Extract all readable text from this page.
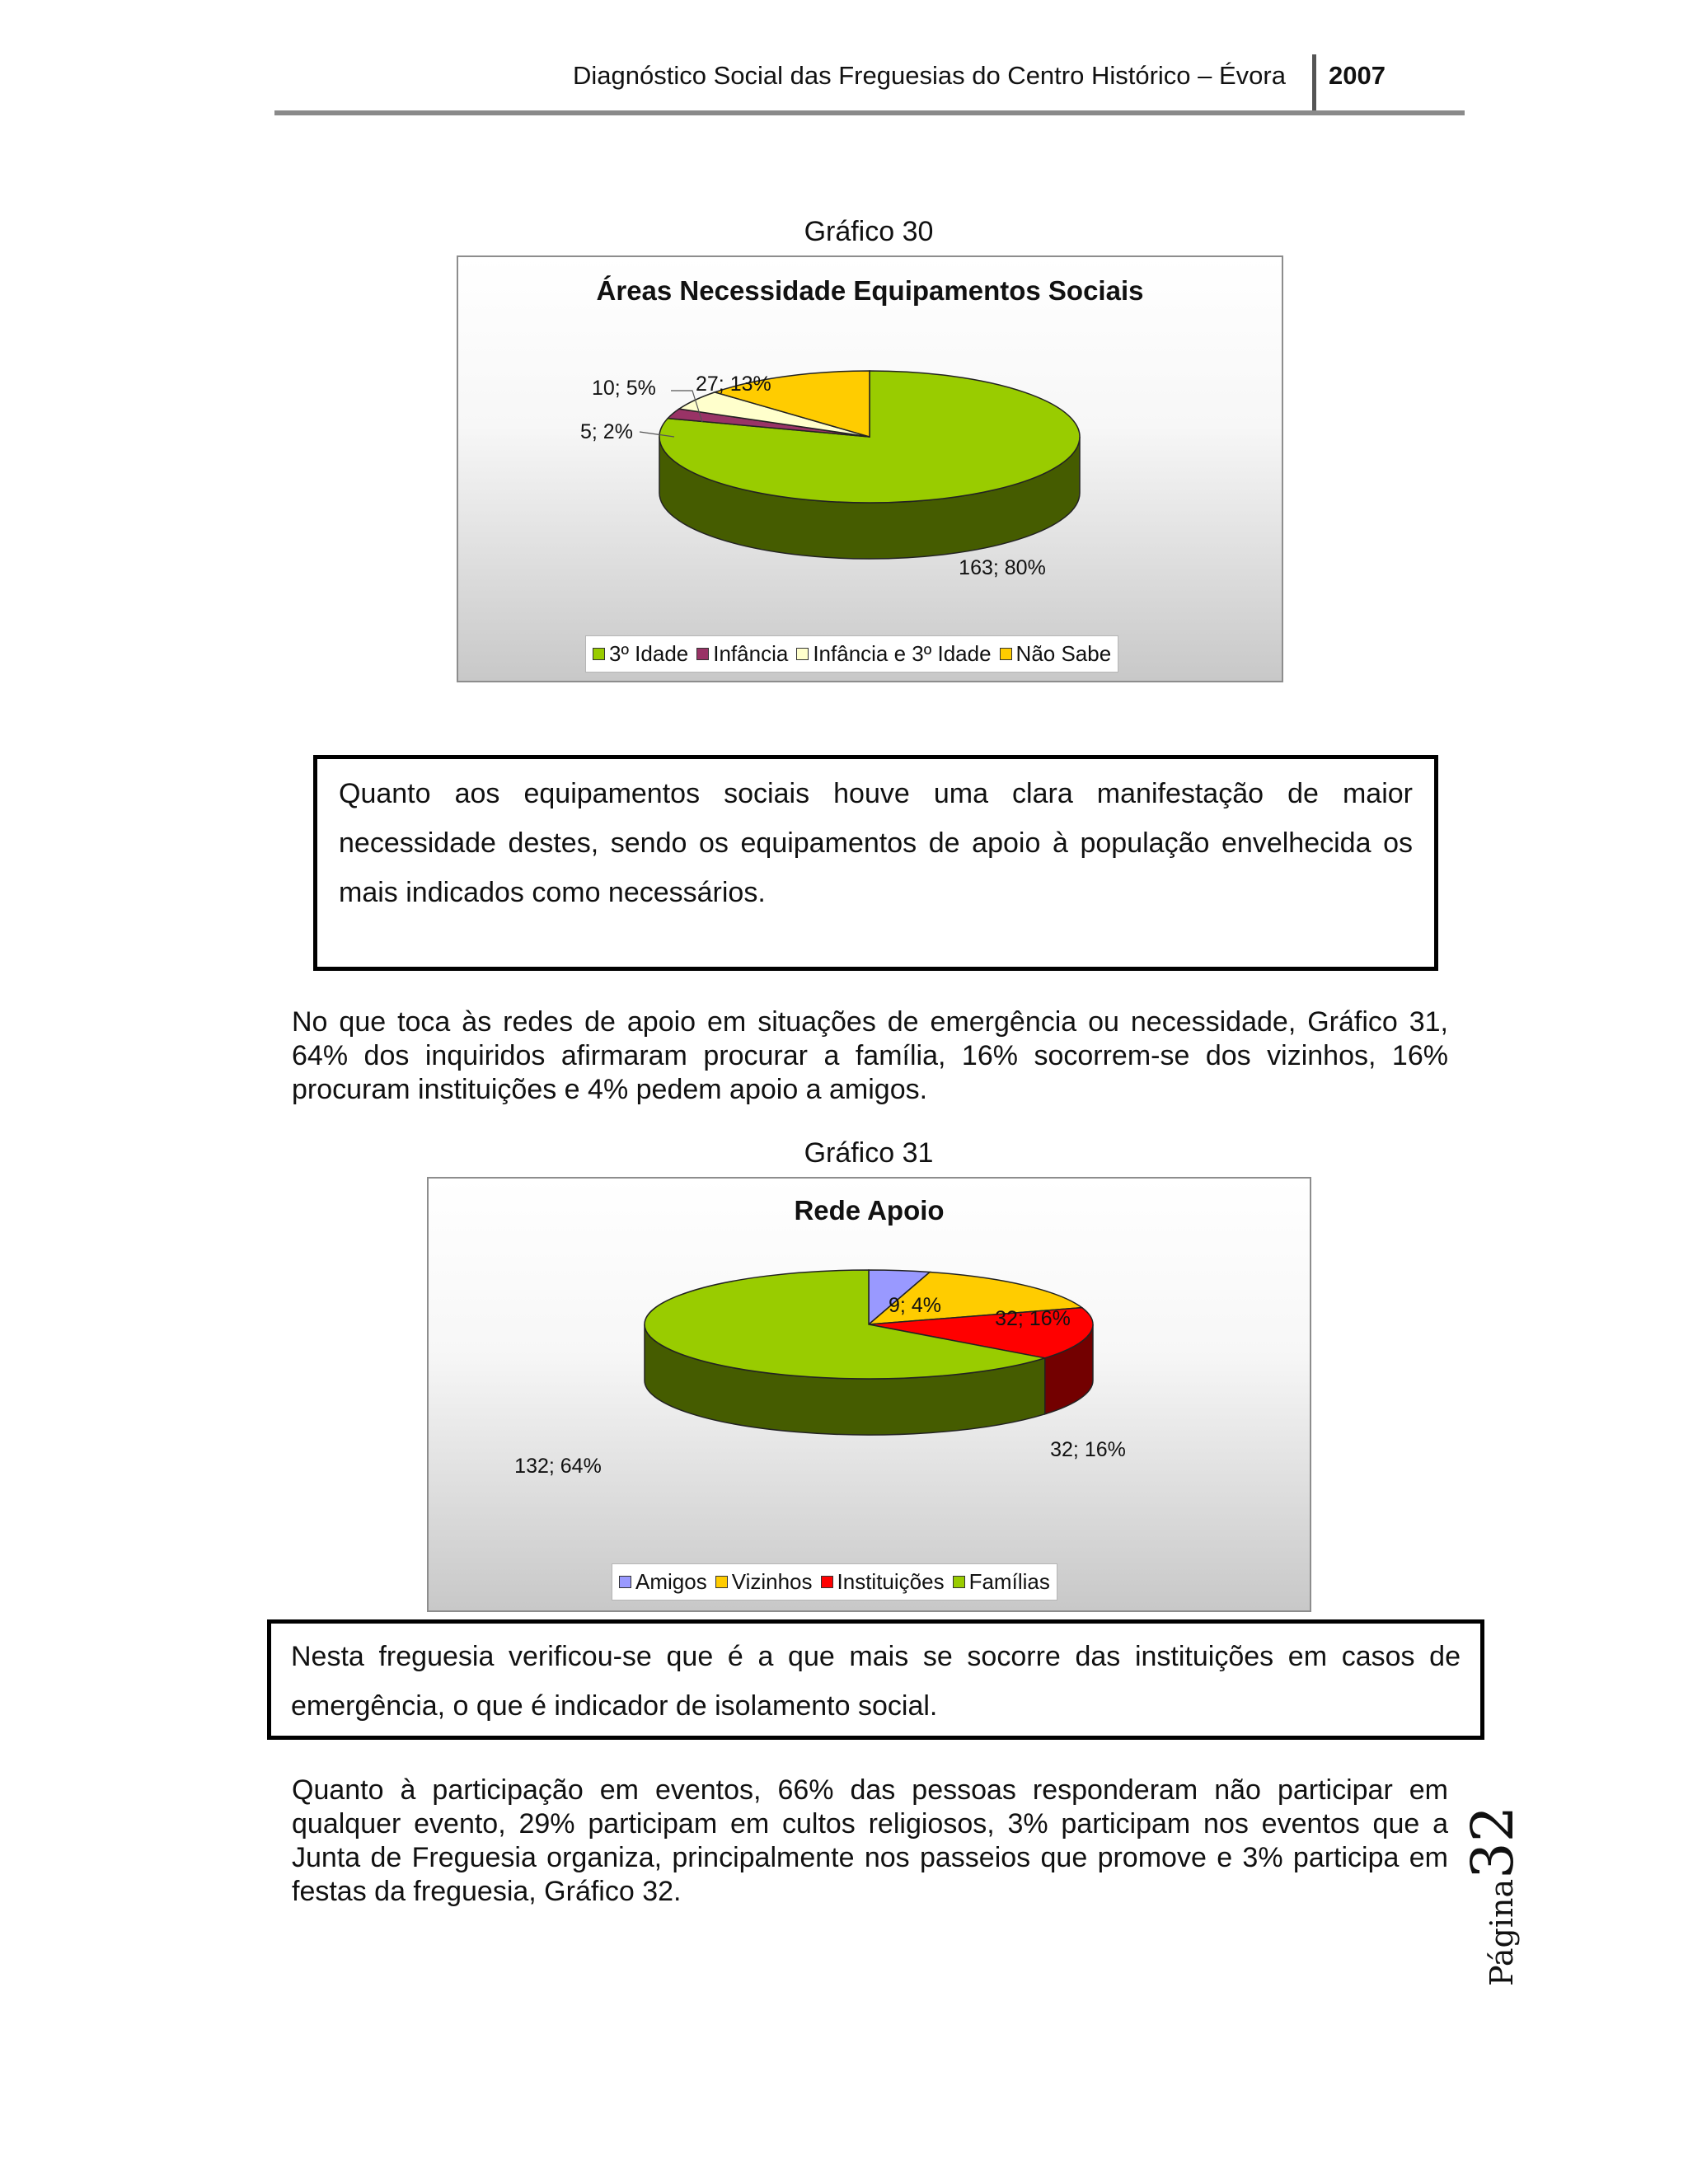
Diagnóstico Social das Freguesias do Centro Histórico – Évora 2007
Gráfico 30
Áreas Necessidade Equipamentos Sociais
163; 80%
5; 2%
10; 5% 27; 13%
3º Idade Infância Infância e 3º Idade Não Sabe
Quanto aos equipamentos sociais houve uma clara manifestação de maior necessidade destes, sendo os equipamentos de apoio à população envelhecida os mais indicados como necessários.
No que toca às redes de apoio em situações de emergência ou necessidade, Gráfico 31, 64% dos inquiridos afirmaram procurar a família, 16% socorrem-se dos vizinhos, 16% procuram instituições e 4% pedem apoio a amigos.
Gráfico 31
Rede Apoio
9; 4%
32; 16%
32; 16%
132; 64%
Amigos Vizinhos Instituições Famílias
Nesta freguesia verificou-se que é a que mais se socorre das instituições em casos de emergência, o que é indicador de isolamento social.
Quanto à participação em eventos, 66% das pessoas responderam não participar em qualquer evento, 29% participam em cultos religiosos, 3% participam nos eventos que a Junta de Freguesia organiza, principalmente nos passeios que promove e 3% participa em festas da freguesia, Gráfico 32.	Página32
